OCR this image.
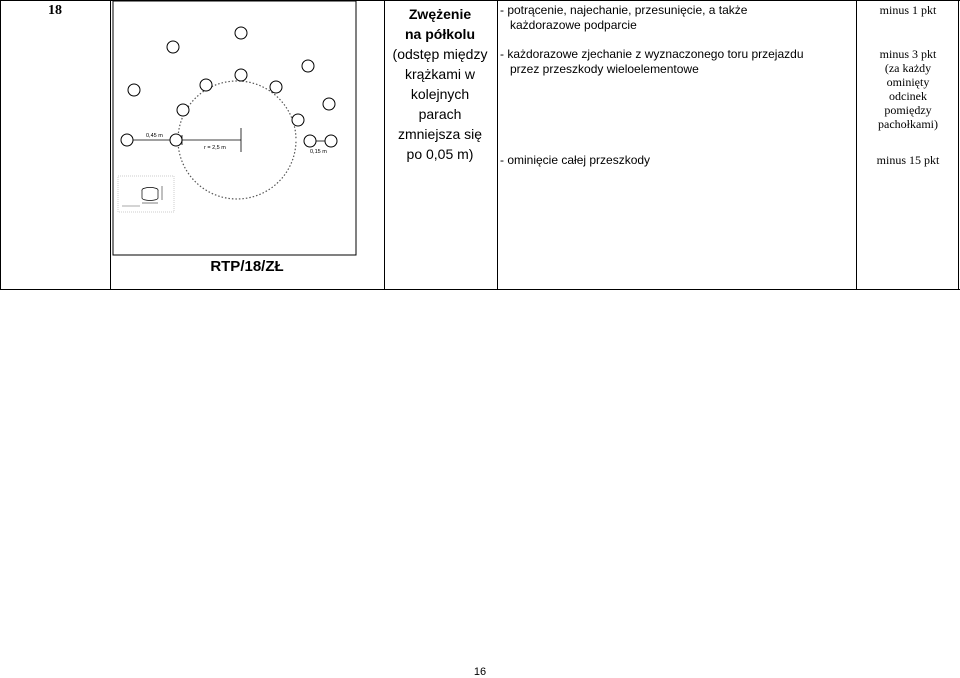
18
0,45 m
r = 2,5 m
0,15 m
Zwężenie
na półkolu
(odstęp między
krążkami w
kolejnych
parach
zmniejsza się
po 0,05 m)
- potrącenie, najechanie, przesunięcie, a także
każdorazowe podparcie
- każdorazowe zjechanie z wyznaczonego toru przejazdu
przez przeszkody wieloelementowe
- ominięcie całej przeszkody
minus 1 pkt
minus 3 pkt
(za każdy
ominięty
odcinek
pomiędzy
pachołkami)
minus 15 pkt
RTP/18/ZŁ
16
